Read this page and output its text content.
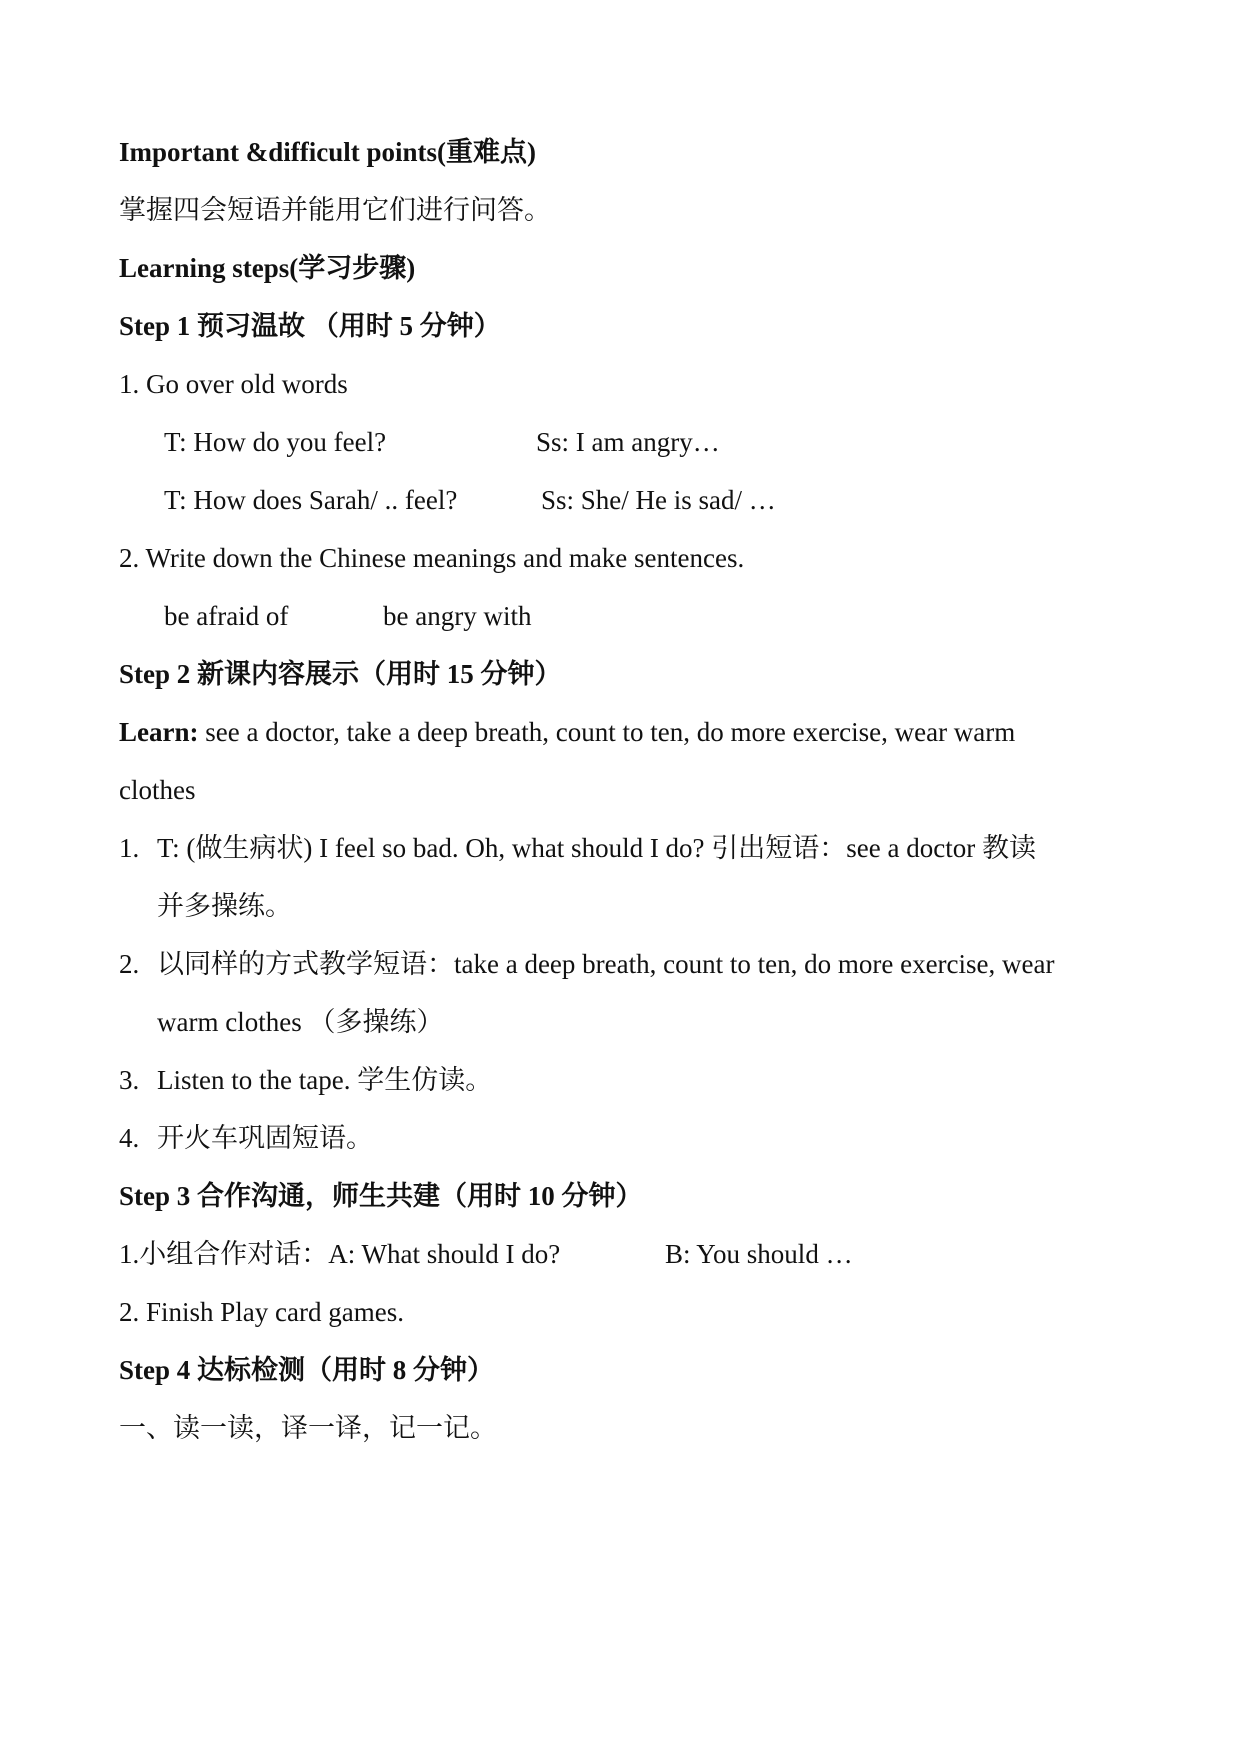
Important &difficult points(重难点)
掌握四会短语并能用它们进行问答。
Learning steps(学习步骤)
Step 1 预习温故 （用时 5 分钟）
1. Go over old words
T: How do you feel?	Ss: I am angry…
T: How does Sarah/ .. feel?	Ss: She/ He is sad/ …
2. Write down the Chinese meanings and make sentences.
be afraid of	be angry with
Step 2 新课内容展示（用时 15 分钟）
Learn: see a doctor, take a deep breath, count to ten, do more exercise, wear warm
clothes
1. T: (做生病状) I feel so bad. Oh, what should I do? 引出短语：see a doctor 教读
并多操练。
2. 以同样的方式教学短语：take a deep breath, count to ten, do more exercise, wear
warm clothes （多操练）
3. Listen to the tape. 学生仿读。
4. 开火车巩固短语。
Step 3 合作沟通，师生共建（用时 10 分钟）
1.小组合作对话：A: What should I do?	B: You should …
2. Finish Play card games.
Step 4 达标检测（用时 8 分钟）
一、读一读，译一译，记一记。
